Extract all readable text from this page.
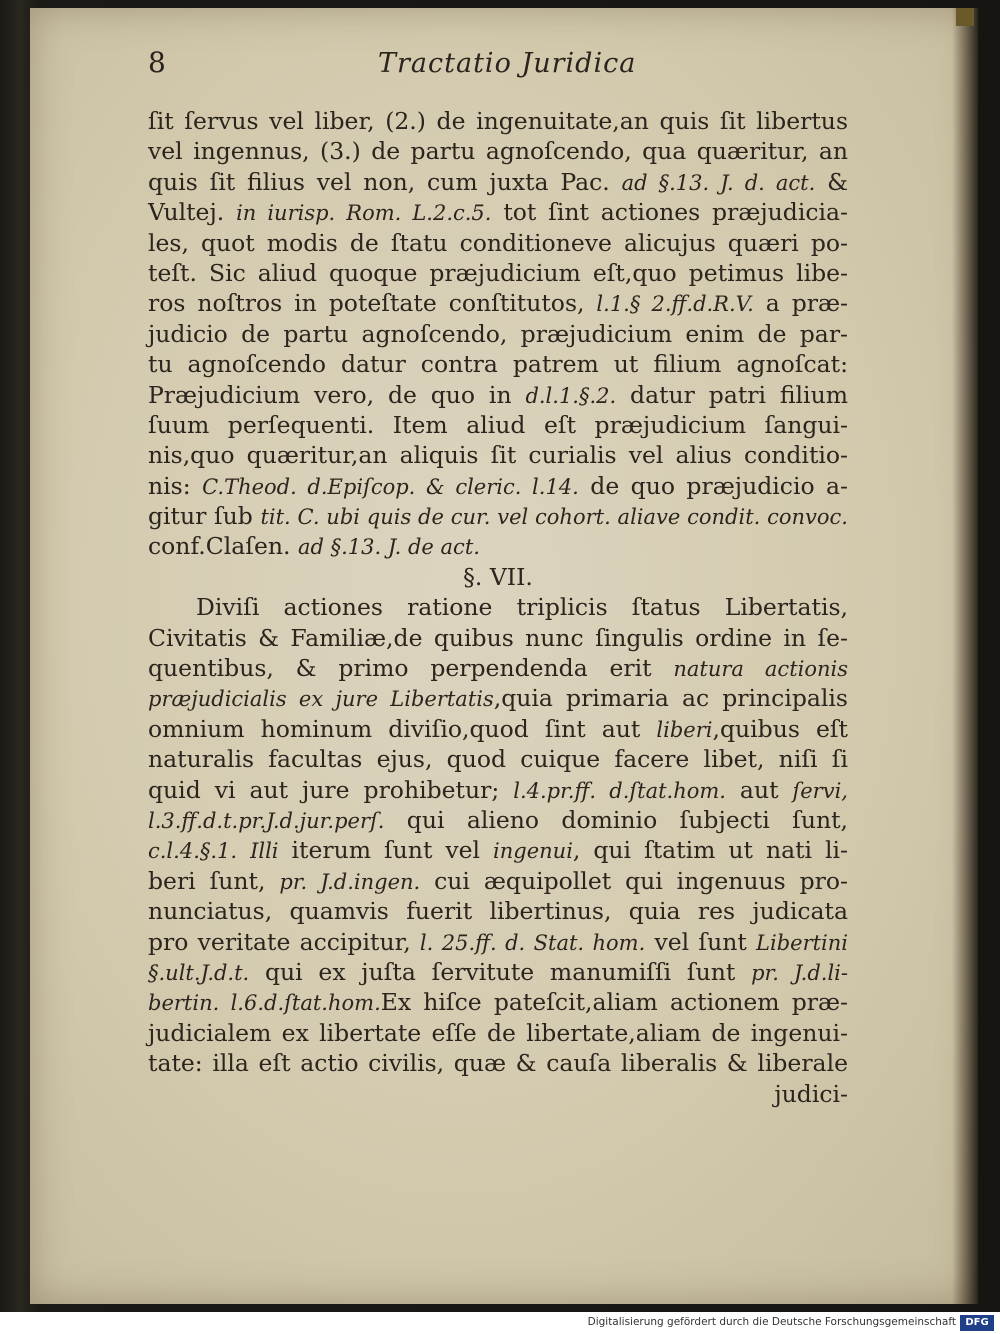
8	Tractatio Juridica
ſit ſervus vel liber, (2.) de ingenuitate,an quis ſit libertus
vel ingennus, (3.) de partu agnoſcendo, qua quæritur, an
quis ſit filius vel non, cum juxta Pac. ad §.13. J. d. act. &
Vultej. in iurisp. Rom. L.2.c.5. tot ſint actiones præjudicia-
les, quot modis de ſtatu conditioneve alicujus quæri po-
teſt. Sic aliud quoque præjudicium eſt,quo petimus libe-
ros noſtros in poteſtate conſtitutos, l.1.§ 2.ff.d.R.V. a præ-
judicio de partu agnoſcendo, præjudicium enim de par-
tu agnoſcendo datur contra patrem ut filium agnoſcat:
Præjudicium vero, de quo in d.l.1.§.2. datur patri filium
ſuum perſequenti. Item aliud eſt præjudicium ſangui-
nis,quo quæritur,an aliquis ſit curialis vel alius conditio-
nis: C.Theod. d.Epiſcop. & cleric. l.14. de quo præjudicio a-
gitur ſub tit. C. ubi quis de cur. vel cohort. aliave condit. convoc.
conf.Claſen. ad §.13. J. de act.
§. VII.
Diviſi actiones ratione triplicis ſtatus Libertatis,
Civitatis & Familiæ,de quibus nunc ſingulis ordine in ſe-
quentibus, & primo perpendenda erit natura actionis
præjudicialis ex jure Libertatis,quia primaria ac principalis
omnium hominum diviſio,quod ſint aut liberi,quibus eſt
naturalis facultas ejus, quod cuique facere libet, niſi ſi
quid vi aut jure prohibetur; l.4.pr.ff. d.ſtat.hom. aut ſervi,
l.3.ff.d.t.pr.J.d.jur.perſ. qui alieno dominio ſubjecti ſunt,
c.l.4.§.1. Illi iterum ſunt vel ingenui, qui ſtatim ut nati li-
beri ſunt, pr. J.d.ingen. cui æquipollet qui ingenuus pro-
nunciatus, quamvis fuerit libertinus, quia res judicata
pro veritate accipitur, l. 25.ff. d. Stat. hom. vel ſunt Libertini
§.ult.J.d.t. qui ex juſta ſervitute manumiſſi ſunt pr. J.d.li-
bertin. l.6.d.ſtat.hom.Ex hiſce pateſcit,aliam actionem præ-
judicialem ex libertate eſſe de libertate,aliam de ingenui-
tate: illa eſt actio civilis, quæ & cauſa liberalis & liberale
judici-
Digitalisierung gefördert durch die Deutsche Forschungsgemeinschaft DFG
